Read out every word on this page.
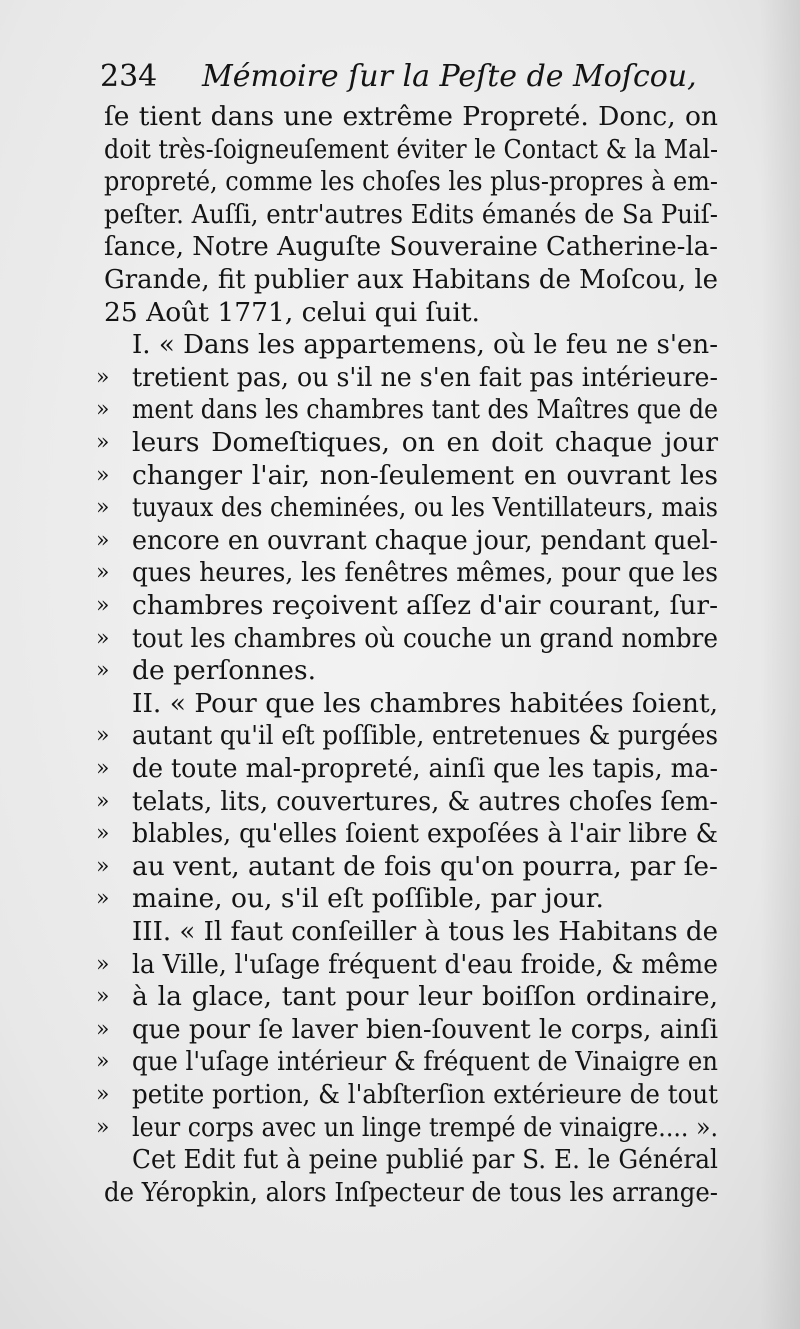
234 Mémoire ſur la Peſte de Moſcou,
ſe tient dans une extrême Propreté. Donc, on
doit très-ſoigneuſement éviter le Contact & la Mal-
propreté, comme les choſes les plus-propres à em-
peſter. Auſſi, entr'autres Edits émanés de Sa Puiſ-
ſance, Notre Auguſte Souveraine Catherine-la-
Grande, fit publier aux Habitans de Moſcou, le
25 Août 1771, celui qui ſuit.
I. « Dans les appartemens, où le feu ne s'en-
» tretient pas, ou s'il ne s'en fait pas intérieure-
» ment dans les chambres tant des Maîtres que de
» leurs Domeſtiques, on en doit chaque jour
» changer l'air, non-ſeulement en ouvrant les
» tuyaux des cheminées, ou les Ventillateurs, mais
» encore en ouvrant chaque jour, pendant quel-
» ques heures, les fenêtres mêmes, pour que les
» chambres reçoivent aſſez d'air courant, ſur-
» tout les chambres où couche un grand nombre
» de perſonnes.
II. « Pour que les chambres habitées ſoient,
» autant qu'il eſt poſſible, entretenues & purgées
» de toute mal-propreté, ainſi que les tapis, ma-
» telats, lits, couvertures, & autres choſes ſem-
» blables, qu'elles ſoient expoſées à l'air libre &
» au vent, autant de fois qu'on pourra, par ſe-
» maine, ou, s'il eſt poſſible, par jour.
III. « Il faut conſeiller à tous les Habitans de
» la Ville, l'uſage fréquent d'eau froide, & même
» à la glace, tant pour leur boiſſon ordinaire,
» que pour ſe laver bien-ſouvent le corps, ainſi
» que l'uſage intérieur & fréquent de Vinaigre en
» petite portion, & l'abſterſion extérieure de tout
» leur corps avec un linge trempé de vinaigre.... ».
Cet Edit fut à peine publié par S. E. le Général
de Yéropkin, alors Inſpecteur de tous les arrange-
